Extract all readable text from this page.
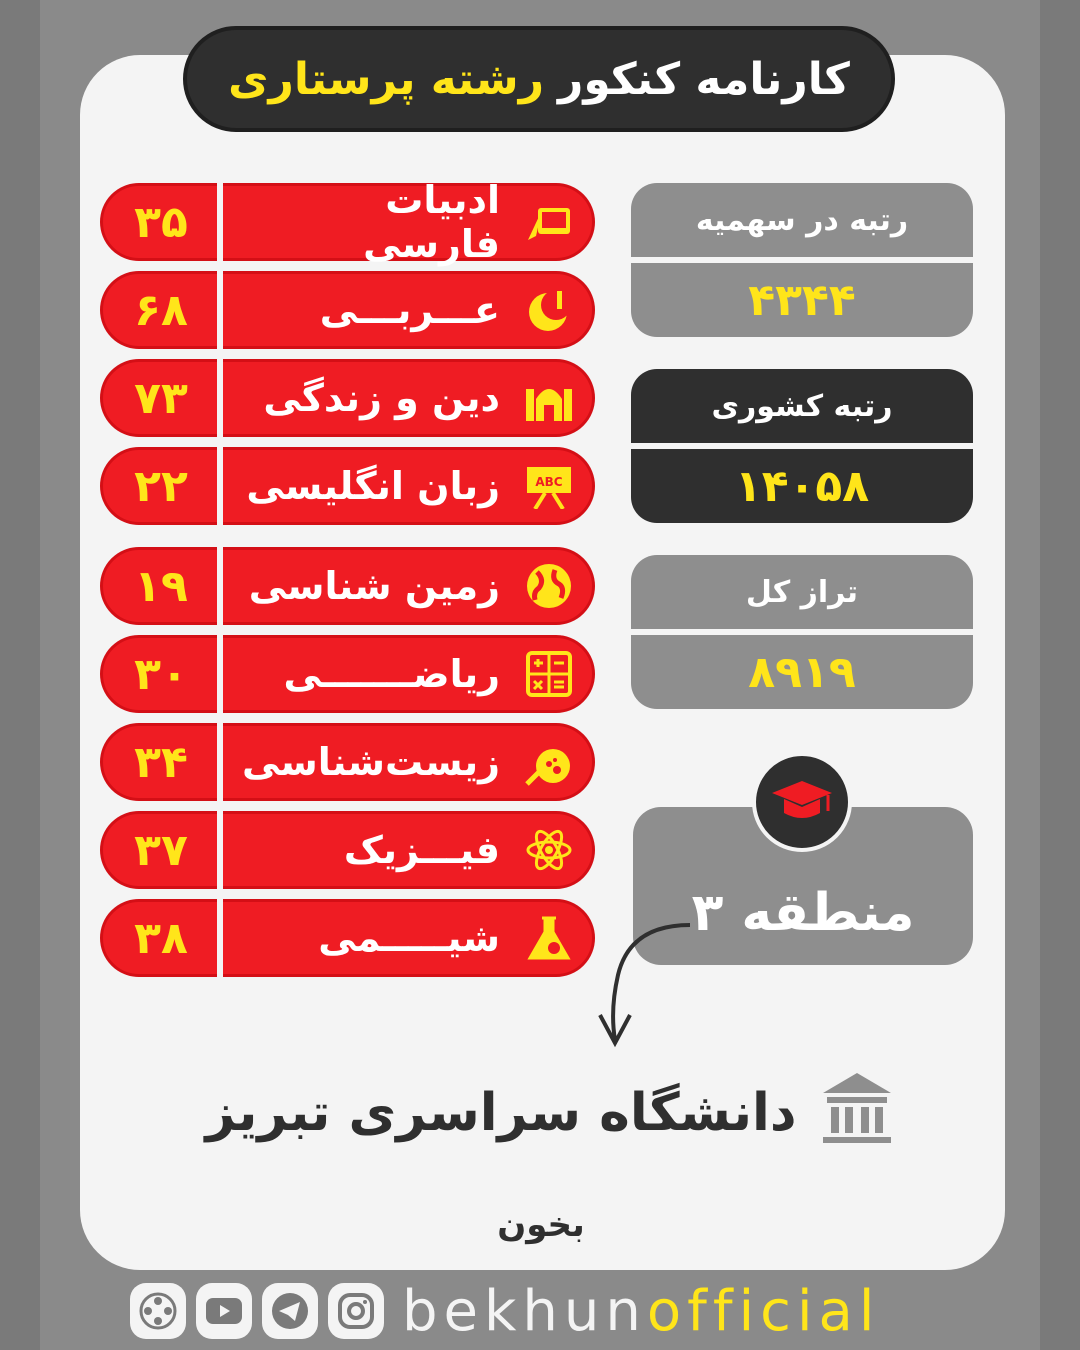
کارنامه کنکور
رشته پرستاری
۳۵	ادبیات فارسی
۶۸	عـــربـــی
۷۳	دین و زندگی
۲۲	زبان انگلیسی	ABC
۱۹	زمین شناسی
۳۰	ریاضـــــــی
۳۴	زیست‌شناسی
۳۷	فیـــزیک
۳۸	شیـــــمی
رتبه در سهمیه
۴۳۴۴
رتبه کشوری
۱۴۰۵۸
تراز کل
۸۹۱۹
منطقه ۳
دانشگاه سراسری تبریز
بخون
bekhunofficial
